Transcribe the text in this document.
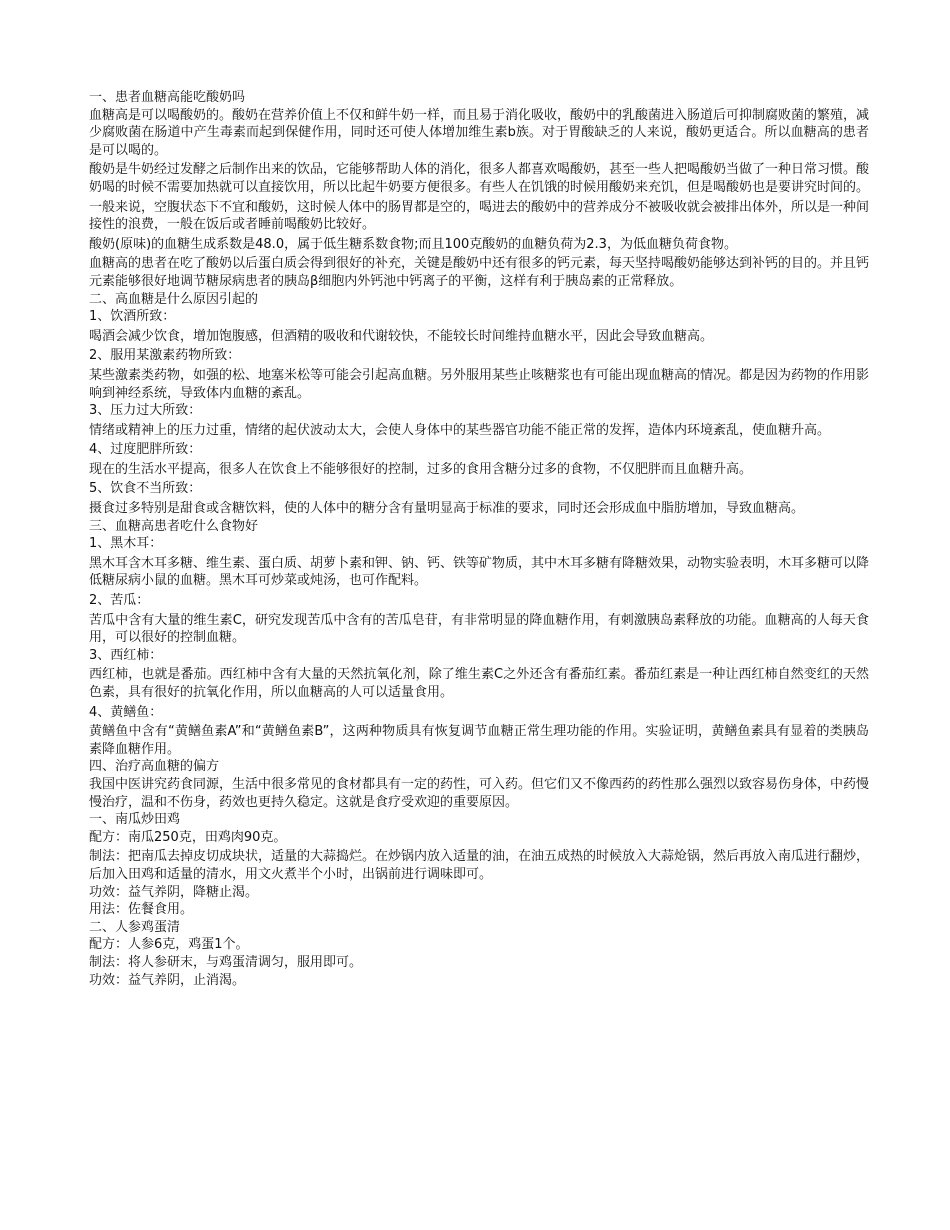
一、患者血糖高能吃酸奶吗

血糖高是可以喝酸奶的。酸奶在营养价值上不仅和鲜牛奶一样，而且易于消化吸收，酸奶中的乳酸菌进入肠道后可抑制腐败菌的繁殖，减少腐败菌在肠道中产生毒素而起到保健作用，同时还可使人体增加维生素b族。对于胃酸缺乏的人来说，酸奶更适合。所以血糖高的患者是可以喝的。

酸奶是牛奶经过发酵之后制作出来的饮品，它能够帮助人体的消化，很多人都喜欢喝酸奶，甚至一些人把喝酸奶当做了一种日常习惯。酸奶喝的时候不需要加热就可以直接饮用，所以比起牛奶要方便很多。有些人在饥饿的时候用酸奶来充饥，但是喝酸奶也是要讲究时间的。

一般来说，空腹状态下不宜和酸奶，这时候人体中的肠胃都是空的，喝进去的酸奶中的营养成分不被吸收就会被排出体外，所以是一种间接性的浪费，一般在饭后或者睡前喝酸奶比较好。

酸奶(原味)的血糖生成系数是48.0，属于低生糖系数食物;而且100克酸奶的血糖负荷为2.3，为低血糖负荷食物。

血糖高的患者在吃了酸奶以后蛋白质会得到很好的补充，关键是酸奶中还有很多的钙元素，每天坚持喝酸奶能够达到补钙的目的。并且钙元素能够很好地调节糖尿病患者的胰岛β细胞内外钙池中钙离子的平衡，这样有利于胰岛素的正常释放。

二、高血糖是什么原因引起的

1、饮酒所致：

喝酒会减少饮食，增加饱腹感，但酒精的吸收和代谢较快，不能较长时间维持血糖水平，因此会导致血糖高。

2、服用某激素药物所致：

某些激素类药物，如强的松、地塞米松等可能会引起高血糖。另外服用某些止咳糖浆也有可能出现血糖高的情况。都是因为药物的作用影响到神经系统，导致体内血糖的紊乱。

3、压力过大所致：

情绪或精神上的压力过重，情绪的起伏波动太大，会使人身体中的某些器官功能不能正常的发挥，造体内环境紊乱，使血糖升高。

4、过度肥胖所致：

现在的生活水平提高，很多人在饮食上不能够很好的控制，过多的食用含糖分过多的食物，不仅肥胖而且血糖升高。

5、饮食不当所致：

摄食过多特别是甜食或含糖饮料，使的人体中的糖分含有量明显高于标准的要求，同时还会形成血中脂肪增加，导致血糖高。

三、血糖高患者吃什么食物好

1、黑木耳：

黑木耳含木耳多糖、维生素、蛋白质、胡萝卜素和钾、钠、钙、铁等矿物质，其中木耳多糖有降糖效果，动物实验表明，木耳多糖可以降低糖尿病小鼠的血糖。黑木耳可炒菜或炖汤，也可作配料。

2、苦瓜：

苦瓜中含有大量的维生素C，研究发现苦瓜中含有的苦瓜皂苷，有非常明显的降血糖作用，有刺激胰岛素释放的功能。血糖高的人每天食用，可以很好的控制血糖。

3、西红柿：

西红柿，也就是番茄。西红柿中含有大量的天然抗氧化剂，除了维生素C之外还含有番茄红素。番茄红素是一种让西红柿自然变红的天然色素，具有很好的抗氧化作用，所以血糖高的人可以适量食用。

4、黄鳝鱼：

黄鳝鱼中含有“黄鳝鱼素A”和“黄鳝鱼素B”，这两种物质具有恢复调节血糖正常生理功能的作用。实验证明，黄鳝鱼素具有显着的类胰岛素降血糖作用。

四、治疗高血糖的偏方

我国中医讲究药食同源，生活中很多常见的食材都具有一定的药性，可入药。但它们又不像西药的药性那么强烈以致容易伤身体，中药慢慢治疗，温和不伤身，药效也更持久稳定。这就是食疗受欢迎的重要原因。

一、南瓜炒田鸡

配方：南瓜250克，田鸡肉90克。

制法：把南瓜去掉皮切成块状，适量的大蒜捣烂。在炒锅内放入适量的油，在油五成热的时候放入大蒜炝锅，然后再放入南瓜进行翻炒，后加入田鸡和适量的清水，用文火煮半个小时，出锅前进行调味即可。

功效：益气养阴，降糖止渴。

用法：佐餐食用。

二、人参鸡蛋清

配方：人参6克，鸡蛋1个。

制法：将人参研末，与鸡蛋清调匀，服用即可。

功效：益气养阴，止消渴。
